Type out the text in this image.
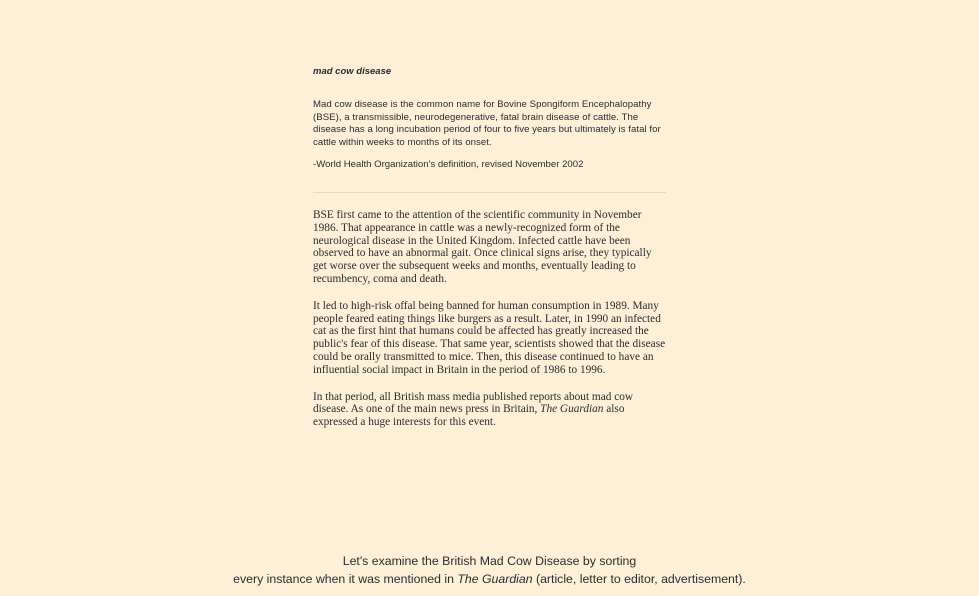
mad cow disease

Mad cow disease is the common name for Bovine Spongiform Encephalopathy (BSE), a transmissible, neurodegenerative, fatal brain disease of cattle. The disease has a long incubation period of four to five years but ultimately is fatal for cattle within weeks to months of its onset.

-World Health Organization's definition, revised November 2002

BSE first came to the attention of the scientific community in November 1986. That appearance in cattle was a newly-recognized form of the neurological disease in the United Kingdom. Infected cattle have been observed to have an abnormal gait. Once clinical signs arise, they typically get worse over the subsequent weeks and months, eventually leading to recumbency, coma and death.

It led to high-risk offal being banned for human consumption in 1989. Many people feared eating things like burgers as a result. Later, in 1990 an infected cat as the first hint that humans could be affected has greatly increased the public's fear of this disease. That same year, scientists showed that the disease could be orally transmitted to mice. Then, this disease continued to have an influential social impact in Britain in the period of 1986 to 1996.

In that period, all British mass media published reports about mad cow disease. As one of the main news press in Britain, The Guardian also expressed a huge interests for this event.

Let's examine the British Mad Cow Disease by sorting
every instance when it was mentioned in The Guardian (article, letter to editor, advertisement).
